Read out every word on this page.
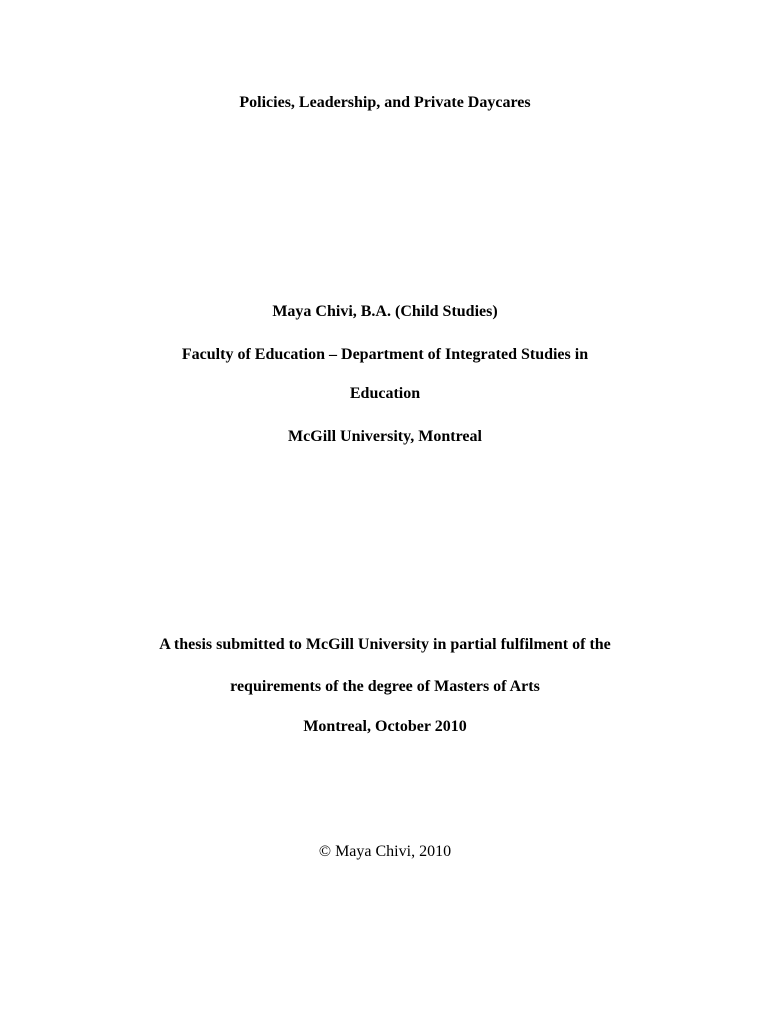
Policies, Leadership, and Private Daycares
Maya Chivi, B.A. (Child Studies)
Faculty of Education – Department of Integrated Studies in
Education
McGill University, Montreal
A thesis submitted to McGill University in partial fulfilment of the
requirements of the degree of Masters of Arts
Montreal, October 2010
© Maya Chivi, 2010
